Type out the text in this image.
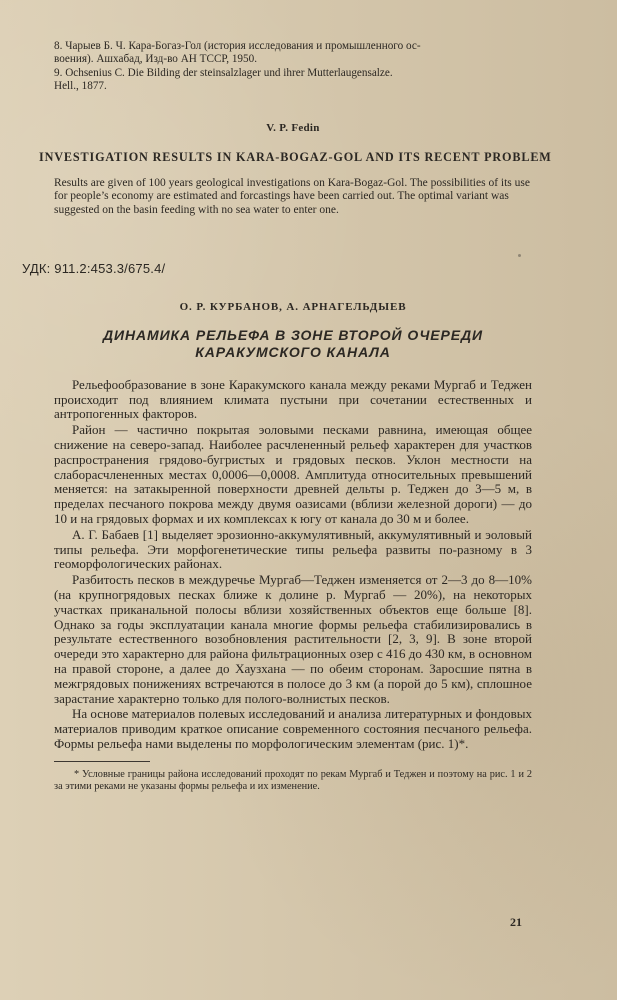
8. Чарыев Б. Ч. Кара-Богаз-Гол (история исследования и промышленного ос-
воения). Ашхабад, Изд-во АН ТССР, 1950.

9. Ochsenius C. Die Bilding der steinsalzlager und ihrer Mutterlaugensalze.
Hell., 1877.

V. P. Fedin
INVESTIGATION RESULTS IN KARA-BOGAZ-GOL AND ITS RECENT PROBLEM
Results are given of 100 years geological investigations on Kara-Bogaz-Gol. The possibilities of its use for people’s economy are estimated and forcastings have been carried out. The optimal variant was suggested on the basin feeding with no sea water to enter one.
УДК: 911.2:453.3/675.4/
О. Р. КУРБАНОВ, А. АРНАГЕЛЬДЫЕВ
ДИНАМИКА РЕЛЬЕФА В ЗОНЕ ВТОРОЙ ОЧЕРЕДИ
КАРАКУМСКОГО КАНАЛА

Рельефообразование в зоне Каракумского канала между реками Мургаб и Теджен происходит под влиянием климата пустыни при сочетании естественных и антропогенных факторов.

Район — частично покрытая эоловыми песками равнина, имеющая общее снижение на северо-запад. Наиболее расчлененный рельеф характерен для участков распространения грядово-бугристых и грядовых песков. Уклон местности на слаборасчлененных местах 0,0006—0,0008. Амплитуда относительных превышений меняется: на затакыренной поверхности древней дельты р. Теджен до 3—5 м, в пределах песчаного покрова между двумя оазисами (вблизи железной дороги) — до 10 и на грядовых формах и их комплексах к югу от канала до 30 м и более.

А. Г. Бабаев [1] выделяет эрозионно-аккумулятивный, аккумулятивный и эоловый типы рельефа. Эти морфогенетические типы рельефа развиты по-разному в 3 геоморфологических районах.

Разбитость песков в междуречье Мургаб—Теджен изменяется от 2—3 до 8—10% (на крупногрядовых песках ближе к долине р. Мургаб — 20%), на некоторых участках приканальной полосы вблизи хозяйственных объектов еще больше [8]. Однако за годы эксплуатации канала многие формы рельефа стабилизировались в результате естественного возобновления растительности [2, 3, 9]. В зоне второй очереди это характерно для района фильтрационных озер с 416 до 430 км, в основном на правой стороне, а далее до Хаузхана — по обеим сторонам. Заросшие пятна в межгрядовых понижениях встречаются в полосе до 3 км (а порой до 5 км), сплошное зарастание характерно только для полого-волнистых песков.

На основе материалов полевых исследований и анализа литературных и фондовых материалов приводим краткое описание современного состояния песчаного рельефа. Формы рельефа нами выделены по морфологическим элементам (рис. 1)*.

* Условные границы района исследований проходят по рекам Мургаб и Теджен и поэтому на рис. 1 и 2 за этими реками не указаны формы рельефа и их изменение.

21
